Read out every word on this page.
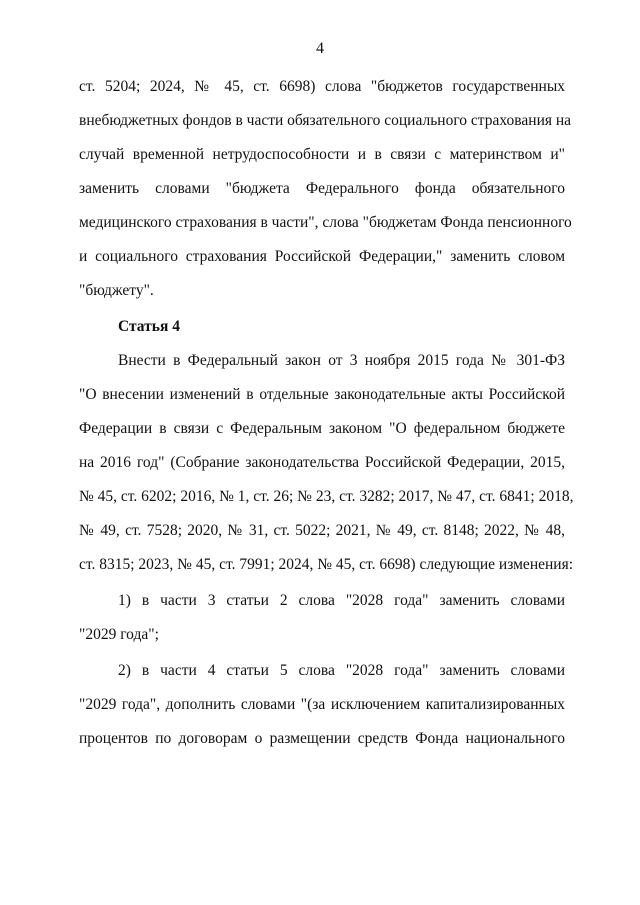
4
ст. 5204; 2024, № 45, ст. 6698) слова "бюджетов государственных
внебюджетных фондов в части обязательного социального страхования на
случай временной нетрудоспособности и в связи с материнством и"
заменить словами "бюджета Федерального фонда обязательного
медицинского страхования в части", слова "бюджетам Фонда пенсионного
и социального страхования Российской Федерации," заменить словом
"бюджету".
Статья 4
Внести в Федеральный закон от 3 ноября 2015 года № 301-ФЗ
"О внесении изменений в отдельные законодательные акты Российской
Федерации в связи с Федеральным законом "О федеральном бюджете
на 2016 год" (Собрание законодательства Российской Федерации, 2015,
№ 45, ст. 6202; 2016, № 1, ст. 26; № 23, ст. 3282; 2017, № 47, ст. 6841; 2018,
№ 49, ст. 7528; 2020, № 31, ст. 5022; 2021, № 49, ст. 8148; 2022, № 48,
ст. 8315; 2023, № 45, ст. 7991; 2024, № 45, ст. 6698) следующие изменения:
1) в части 3 статьи 2 слова "2028 года" заменить словами
"2029 года";
2) в части 4 статьи 5 слова "2028 года" заменить словами
"2029 года", дополнить словами "(за исключением капитализированных
процентов по договорам о размещении средств Фонда национального
